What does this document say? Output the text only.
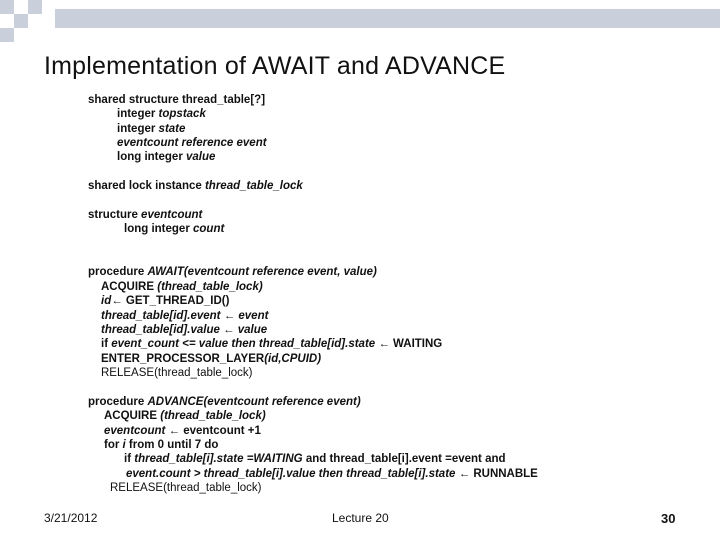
Implementation of AWAIT and ADVANCE
shared structure thread_table[?]
integer topstack
integer state
eventcount reference event
long integer value
shared lock instance thread_table_lock
structure eventcount
long integer count
procedure AWAIT(eventcount reference event, value)
ACQUIRE (thread_table_lock)
id← GET_THREAD_ID()
thread_table[id].event ← event
thread_table[id].value ← value
if event_count <= value then thread_table[id].state ← WAITING
ENTER_PROCESSOR_LAYER(id,CPUID)
RELEASE(thread_table_lock)
procedure ADVANCE(eventcount reference event)
ACQUIRE (thread_table_lock)
eventcount ← eventcount +1
for i from 0 until 7 do
if thread_table[i].state =WAITING and thread_table[i].event =event and
event.count > thread_table[i].value then thread_table[i].state ← RUNNABLE
RELEASE(thread_table_lock)
3/21/2012	Lecture 20	30
